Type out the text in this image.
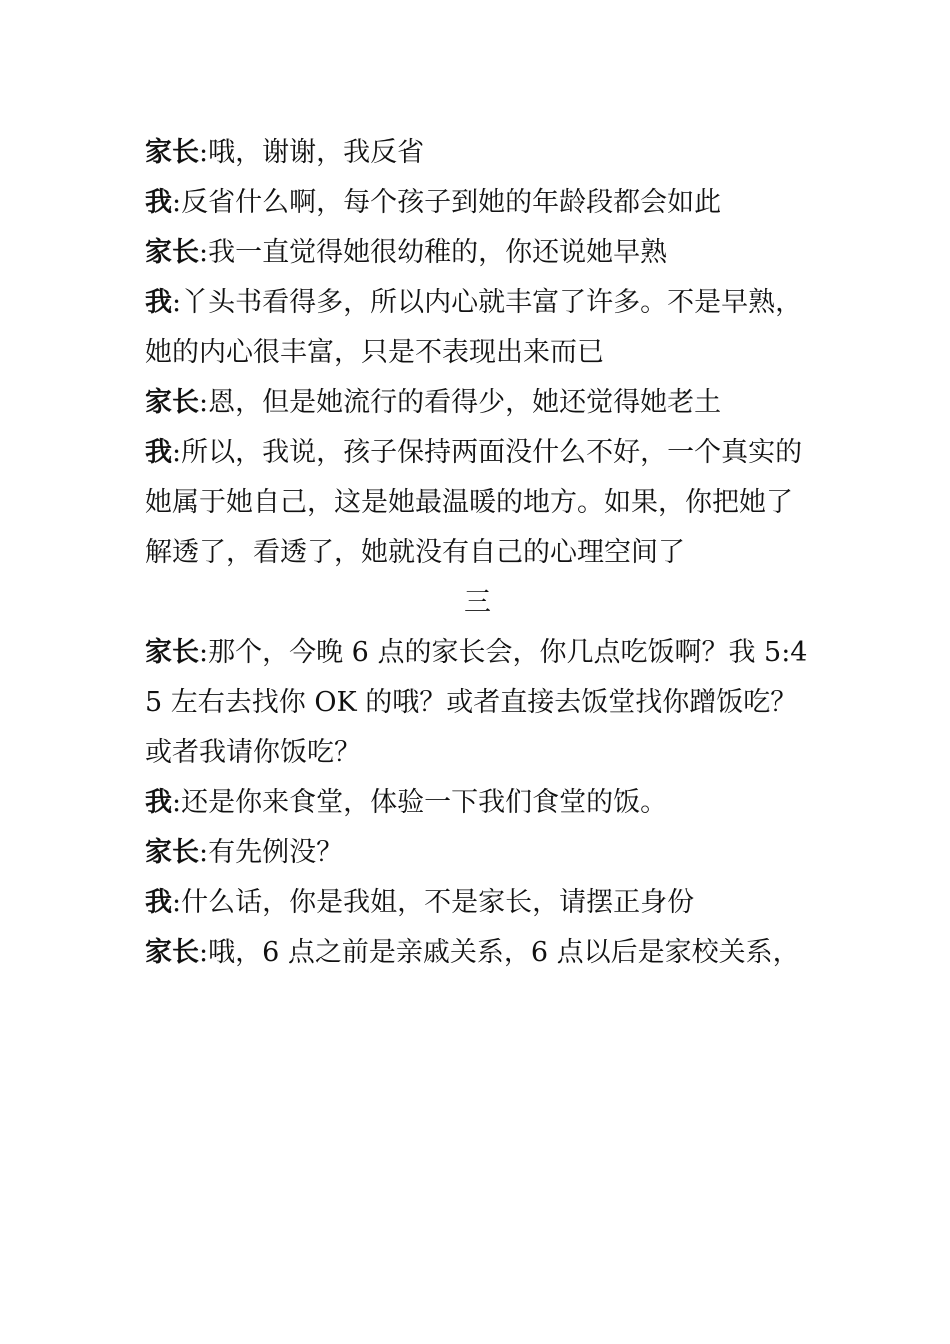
家长:哦，谢谢，我反省

我:反省什么啊，每个孩子到她的年龄段都会如此

家长:我一直觉得她很幼稚的，你还说她早熟

我:丫头书看得多，所以内心就丰富了许多。不是早熟，她的内心很丰富，只是不表现出来而已

家长:恩，但是她流行的看得少，她还觉得她老土

我:所以，我说，孩子保持两面没什么不好，一个真实的她属于她自己，这是她最温暖的地方。如果，你把她了解透了，看透了，她就没有自己的心理空间了

三

家长:那个，今晚 6 点的家长会，你几点吃饭啊？我 5:45 左右去找你 OK 的哦？或者直接去饭堂找你蹭饭吃？或者我请你饭吃？

我:还是你来食堂，体验一下我们食堂的饭。

家长:有先例没？

我:什么话，你是我姐，不是家长，请摆正身份

家长:哦，6 点之前是亲戚关系，6 点以后是家校关系，
